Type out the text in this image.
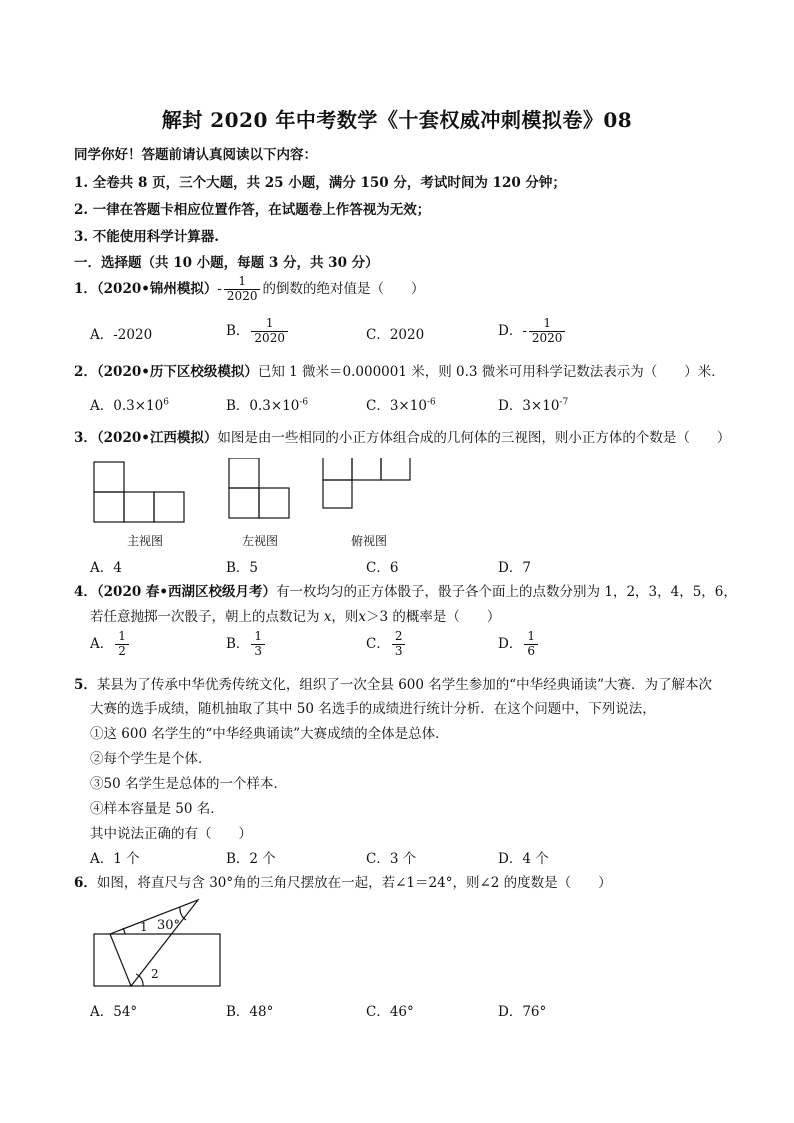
解封 2020 年中考数学《十套权威冲刺模拟卷》08
同学你好！答题前请认真阅读以下内容：
1. 全卷共 8 页，三个大题，共 25 小题，满分 150 分，考试时间为 120 分钟；
2. 一律在答题卡相应位置作答，在试题卷上作答视为无效；
3. 不能使用科学计算器.
一．选择题（共 10 小题，每题 3 分，共 30 分）
1．（2020•锦州模拟）- $\frac{1}{2020}$ 的倒数的绝对值是（　　）
A．-2020	B． $\frac{1}{2020}$	C．2020	D．- $\frac{1}{2020}$
2．（2020•历下区校级模拟）已知 1 微米＝0.000001 米，则 0.3 微米可用科学记数法表示为（　　）米．
A．$0.3\times 10^6$	B．$0.3\times 10^{-6}$	C．$3\times 10^{-6}$	D．$3\times 10^{-7}$
3．（2020•江西模拟）如图是由一些相同的小正方体组合成的几何体的三视图，则小正方体的个数是（　　）
主视图	左视图	俯视图
A．4	B．5	C．6	D．7
4．（2020 春•西湖区校级月考）有一枚均匀的正方体骰子，骰子各个面上的点数分别为 1，2，3，4，5，6，
若任意抛掷一次骰子，朝上的点数记为 x，则x＞3 的概率是（　　）
A． $\frac{1}{2}$	B． $\frac{1}{3}$	C． $\frac{2}{3}$	D． $\frac{1}{6}$
5．某县为了传承中华优秀传统文化，组织了一次全县 600 名学生参加的“中华经典诵读”大赛．为了解本次
大赛的选手成绩，随机抽取了其中 50 名选手的成绩进行统计分析．在这个问题中，下列说法，
①这 600 名学生的“中华经典诵读”大赛成绩的全体是总体．
②每个学生是个体．
③50 名学生是总体的一个样本．
④样本容量是 50 名．
其中说法正确的有（　　）
A．1 个	B．2 个	C．3 个	D．4 个
6．如图，将直尺与含 30°角的三角尺摆放在一起，若∠1＝24°，则∠2 的度数是（　　）
30°
1
2
A．54°	B．48°	C．46°	D．76°
